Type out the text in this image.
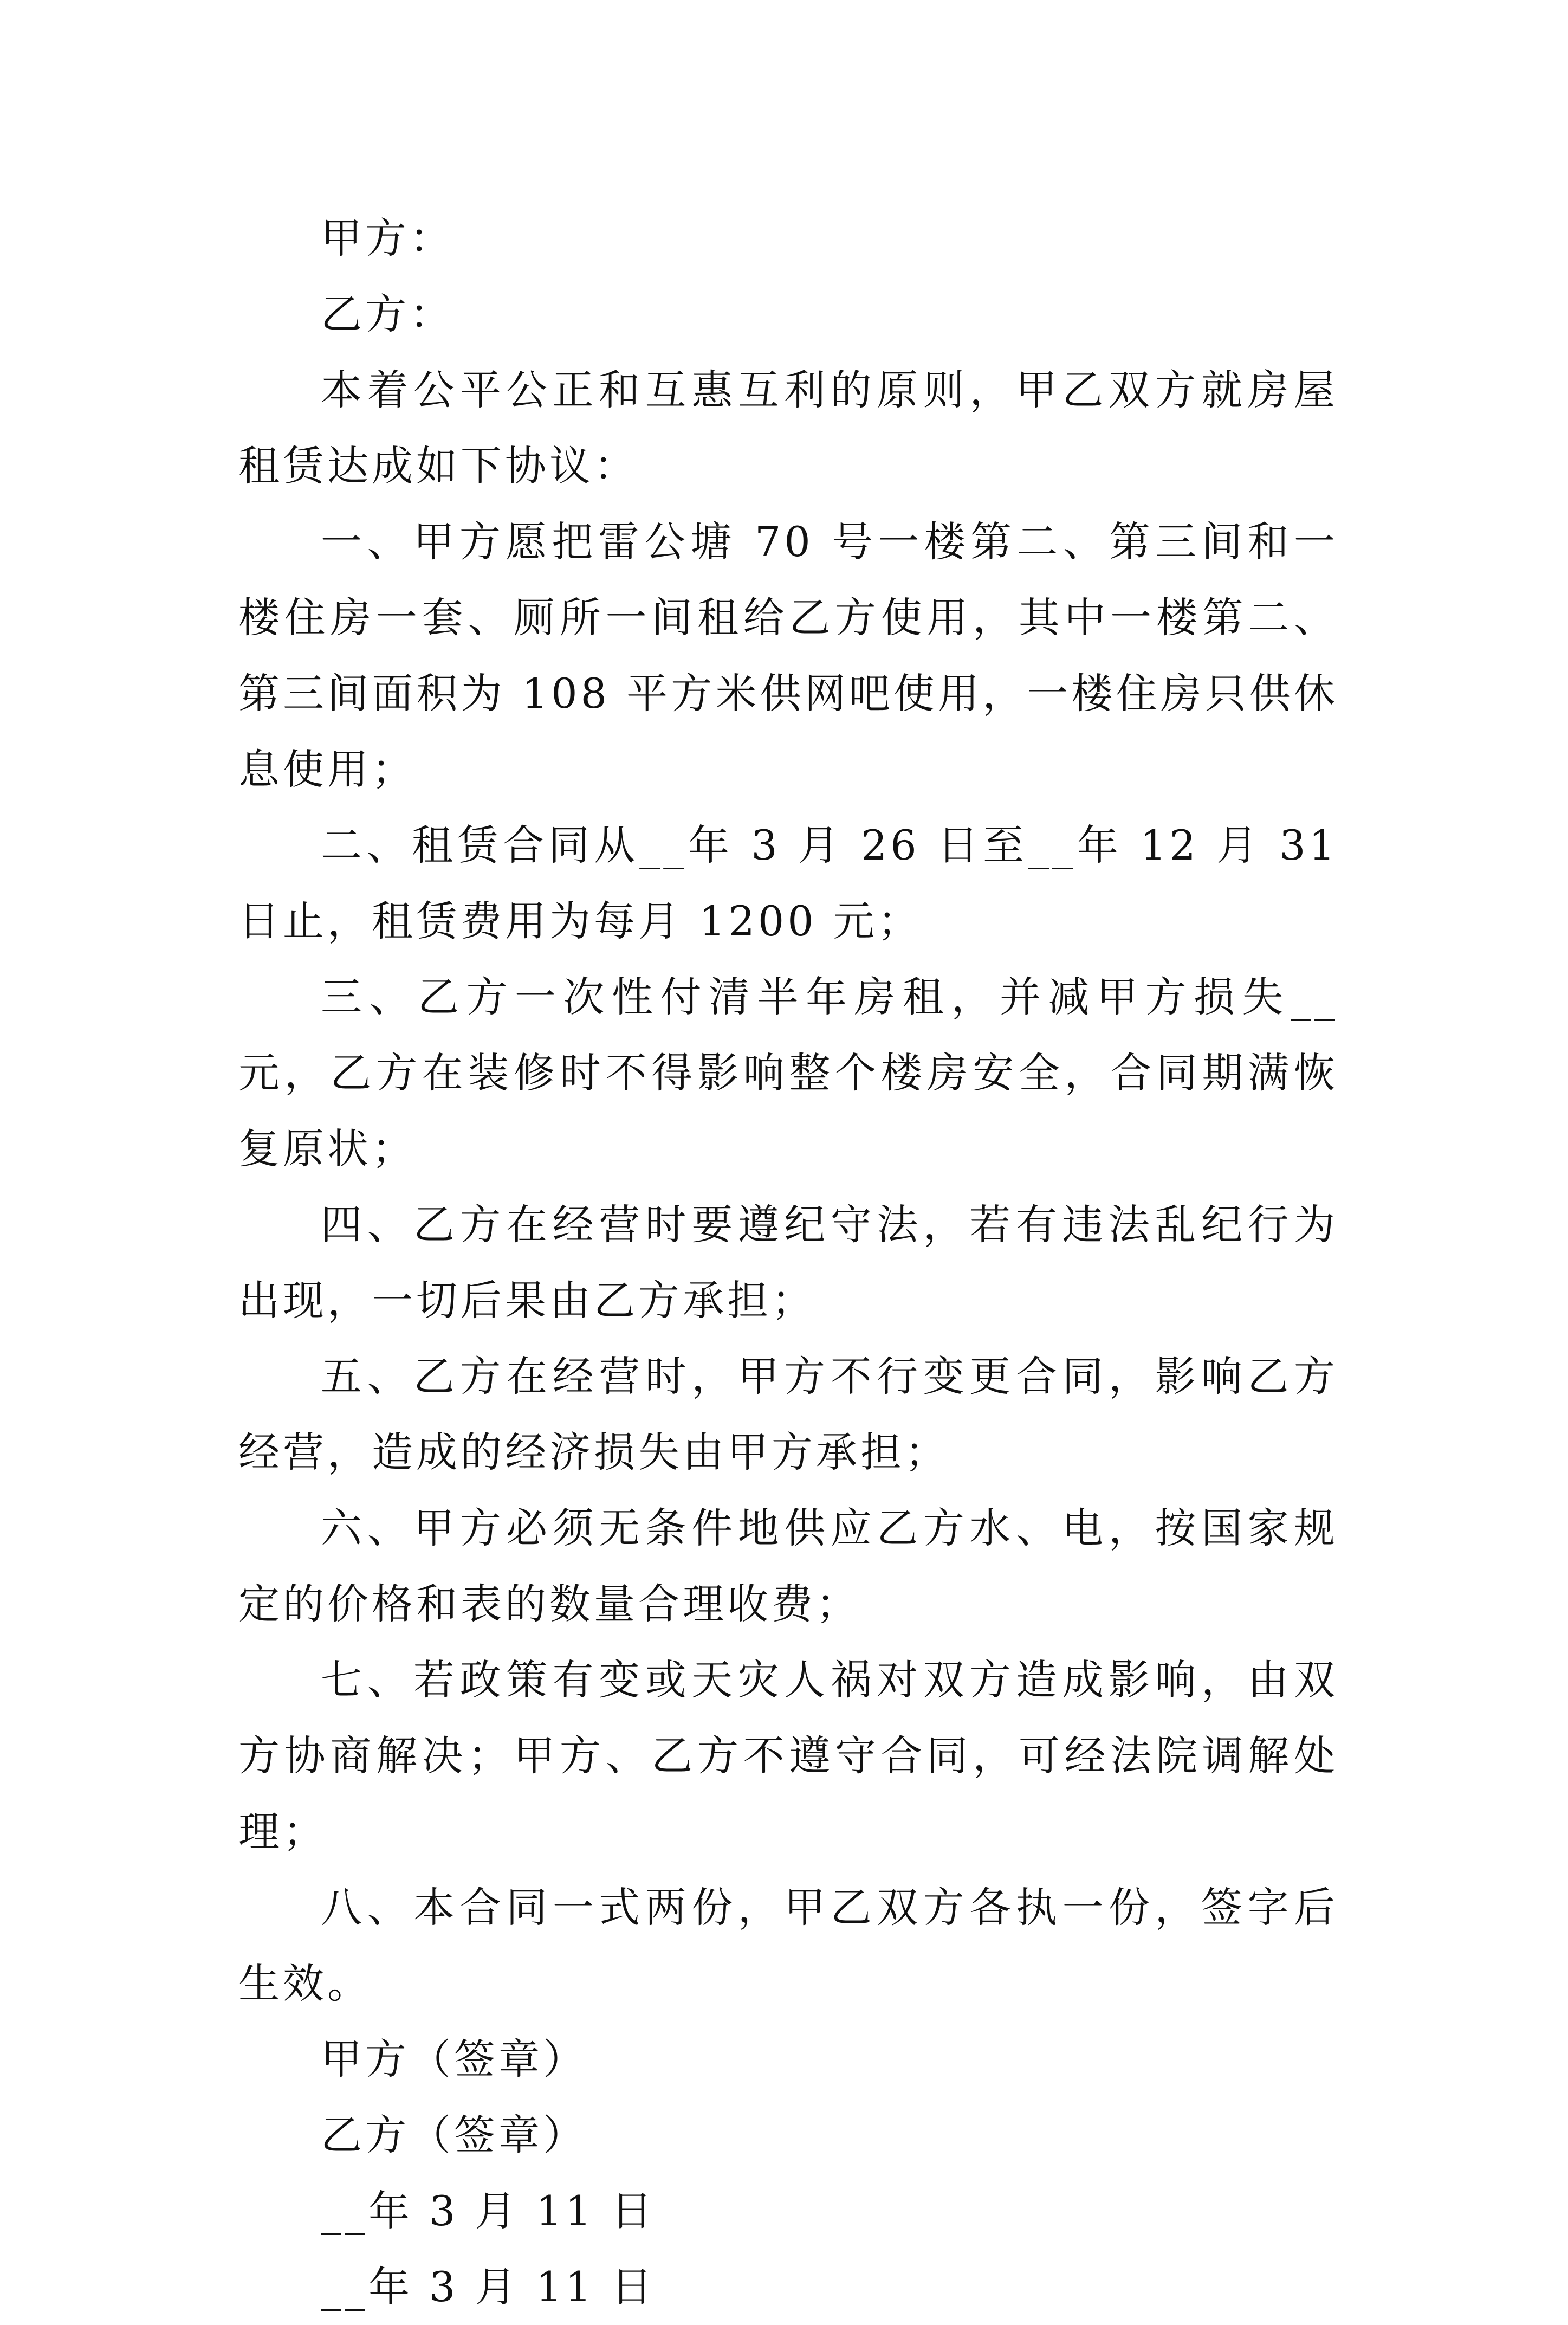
甲方：

乙方：

本着公平公正和互惠互利的原则，甲乙双方就房屋租赁达成如下协议：

一、甲方愿把雷公塘 70 号一楼第二、第三间和一楼住房一套、厕所一间租给乙方使用，其中一楼第二、第三间面积为 108 平方米供网吧使用，一楼住房只供休息使用；

二、租赁合同从__年 3 月 26 日至__年 12 月 31 日止，租赁费用为每月 1200 元；

三、乙方一次性付清半年房租，并减甲方损失__元，乙方在装修时不得影响整个楼房安全，合同期满恢复原状；

四、乙方在经营时要遵纪守法，若有违法乱纪行为出现，一切后果由乙方承担；

五、乙方在经营时，甲方不行变更合同，影响乙方经营，造成的经济损失由甲方承担；

六、甲方必须无条件地供应乙方水、电，按国家规定的价格和表的数量合理收费；

七、若政策有变或天灾人祸对双方造成影响，由双方协商解决；甲方、乙方不遵守合同，可经法院调解处理；

八、本合同一式两份，甲乙双方各执一份，签字后生效。

甲方（签章）

乙方（签章）

__年 3 月 11 日

__年 3 月 11 日
